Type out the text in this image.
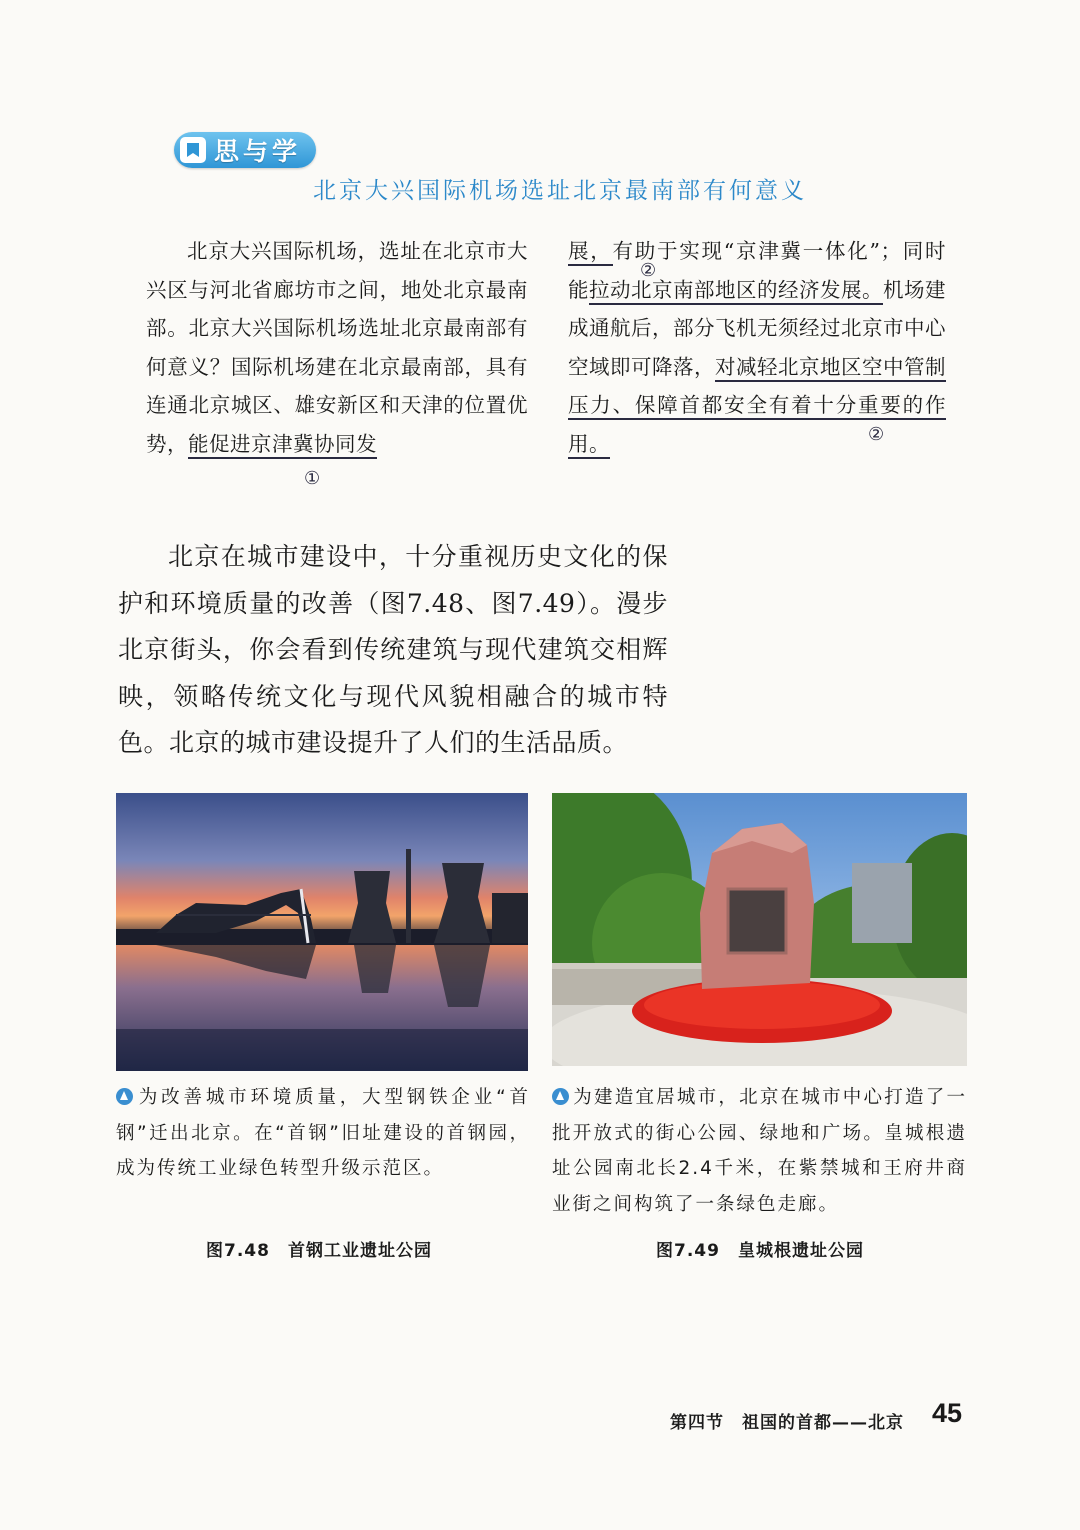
思与学
北京大兴国际机场选址北京最南部有何意义
北京大兴国际机场，选址在北京市大兴区与河北省廊坊市之间，地处北京最南部。北京大兴国际机场选址北京最南部有何意义？国际机场建在北京最南部，具有连通北京城区、雄安新区和天津的位置优势，能促进京津冀协同发
展，有助于实现“京津冀一体化”；同时能拉动北京南部地区的经济发展。机场建成通航后，部分飞机无须经过北京市中心空域即可降落，对减轻北京地区空中管制压力、保障首都安全有着十分重要的作用。
①
②
②
北京在城市建设中，十分重视历史文化的保护和环境质量的改善（图7.48、图7.49）。漫步北京街头，你会看到传统建筑与现代建筑交相辉映，领略传统文化与现代风貌相融合的城市特色。北京的城市建设提升了人们的生活品质。
为改善城市环境质量，大型钢铁企业“首钢”迁出北京。在“首钢”旧址建设的首钢园，成为传统工业绿色转型升级示范区。
为建造宜居城市，北京在城市中心打造了一批开放式的街心公园、绿地和广场。皇城根遗址公园南北长2.4千米，在紫禁城和王府井商业街之间构筑了一条绿色走廊。
图7.48　首钢工业遗址公园	图7.49　皇城根遗址公园
第四节　祖国的首都——北京 45
